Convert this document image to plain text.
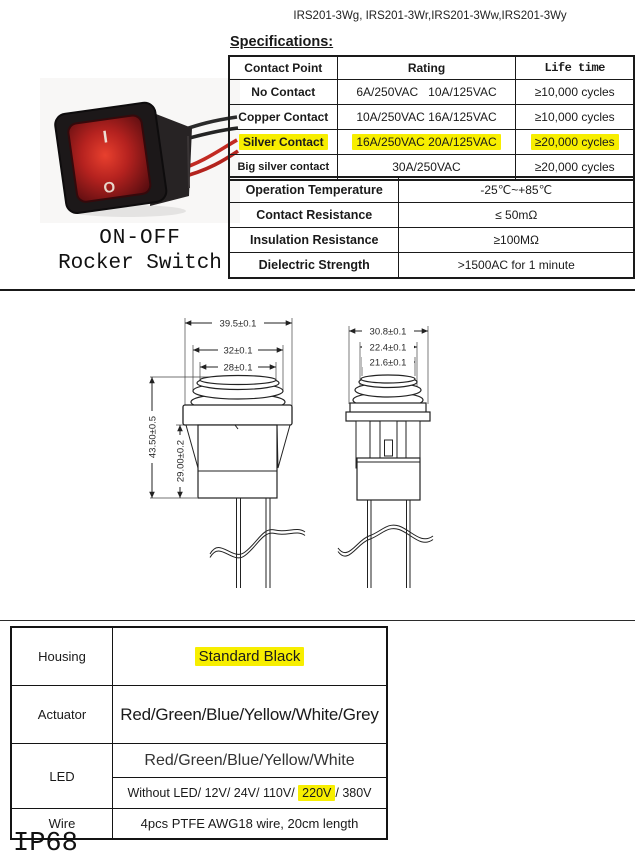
IRS201-3Wg, IRS201-3Wr,IRS201-3Ww,IRS201-3Wy
I
O
ON-OFF
Rocker Switch
Specifications:
Contact Point	Rating	Life time
No Contact	6A/250VAC   10A/125VAC	≥10,000 cycles
Copper Contact	10A/250VAC 16A/125VAC	≥10,000 cycles
Silver Contact	16A/250VAC 20A/125VAC	≥20,000 cycles
Big silver contact	30A/250VAC	≥20,000 cycles
Operation Temperature	-25℃~+85℃
Contact Resistance	≤ 50mΩ
Insulation Resistance	≥100MΩ
Dielectric Strength	>1500AC for 1 minute
39.5±0.1
32±0.1
28±0.1
43.50±0.5
29.00±0.2
30.8±0.1
22.4±0.1
21.6±0.1
Housing	Standard Black
Actuator	Red/Green/Blue/Yellow/White/Grey
LED	Red/Green/Blue/Yellow/White
	Without LED/ 12V/ 24V/ 110V/ 220V / 380V
Wire	4pcs PTFE AWG18 wire, 20cm length
IP68
